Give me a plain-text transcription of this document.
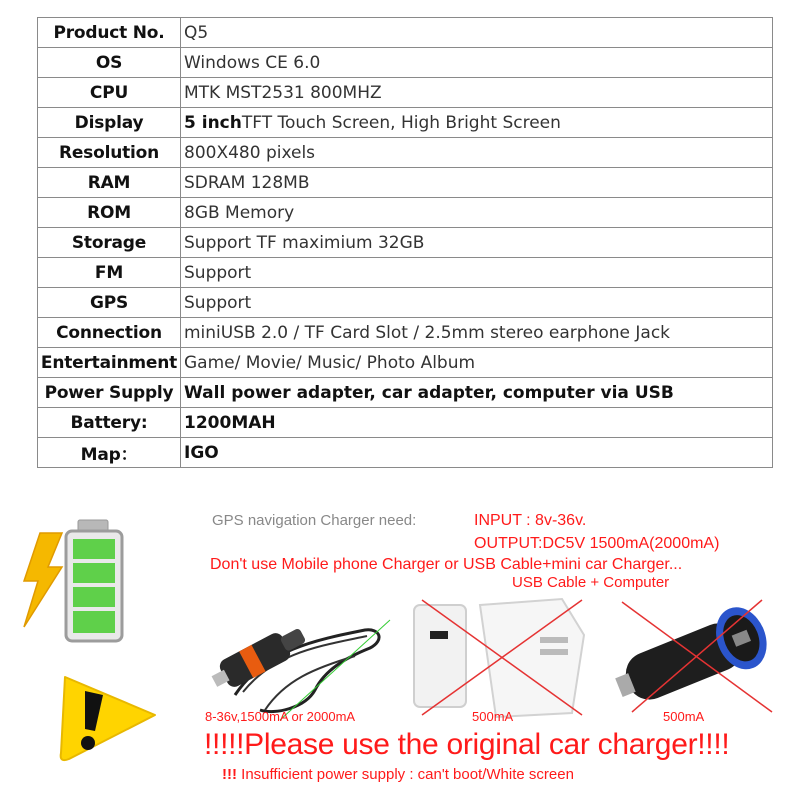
Product No.	Q5
OS	Windows CE 6.0
CPU	MTK MST2531 800MHZ
Display	5 inchTFT Touch Screen, High Bright Screen
Resolution	800X480 pixels
RAM	SDRAM 128MB
ROM	8GB Memory
Storage	Support TF maximium 32GB
FM	Support
GPS	Support
Connection	miniUSB 2.0 / TF Card Slot / 2.5mm stereo earphone Jack
Entertainment	Game/ Movie/ Music/ Photo Album
Power Supply	Wall power adapter, car adapter, computer via USB
Battery:	1200MAH
Map：	IGO
GPS navigation Charger need:	INPUT : 8v-36v.
OUTPUT:DC5V 1500mA(2000mA)
Don't use Mobile phone Charger or USB Cable+mini car Charger...
USB Cable + Computer
8-36v,1500mA or 2000mA	500mA	500mA
!!!!!Please use the original car charger!!!!
!!! Insufficient power supply : can't boot/White screen
